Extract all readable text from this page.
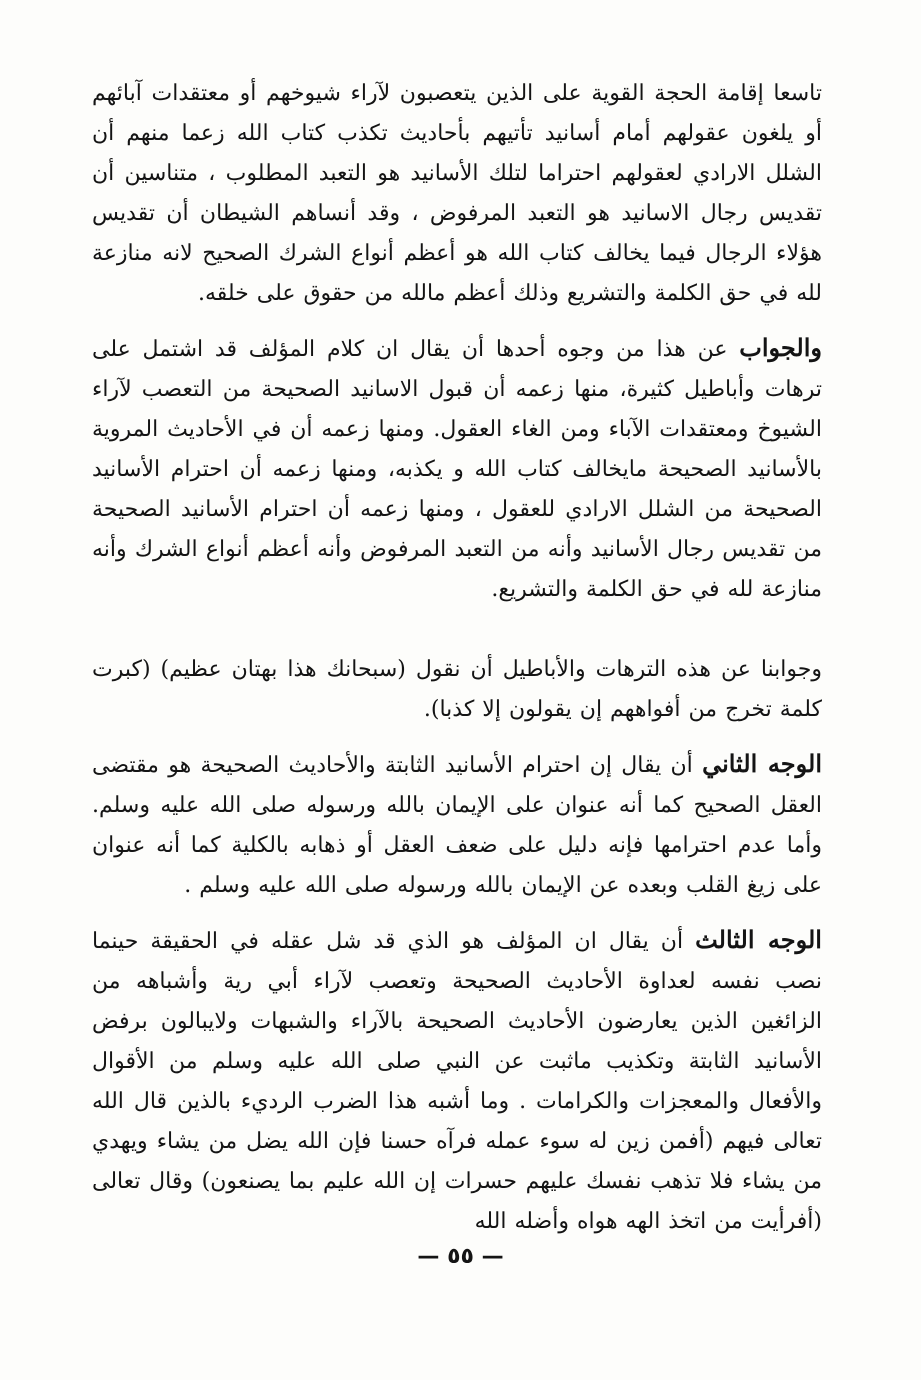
تاسعا إقامة الحجة القوية على الذين يتعصبون لآراء شيوخهم أو معتقدات آبائهم أو يلغون عقولهم أمام أسانيد تأتيهم بأحاديث تكذب كتاب الله زعما منهم أن الشلل الارادي لعقولهم احتراما لتلك الأسانيد هو التعبد المطلوب ، متناسين أن تقديس رجال الاسانيد هو التعبد المرفوض ، وقد أنساهم الشيطان أن تقديس هؤلاء الرجال فيما يخالف كتاب الله هو أعظم أنواع الشرك الصحيح لانه منازعة لله في حق الكلمة والتشريع وذلك أعظم مالله من حقوق على خلقه.

والجواب عن هذا من وجوه أحدها أن يقال ان كلام المؤلف قد اشتمل على ترهات وأباطيل كثيرة، منها زعمه أن قبول الاسانيد الصحيحة من التعصب لآراء الشيوخ ومعتقدات الآباء ومن الغاء العقول. ومنها زعمه أن في الأحاديث المروية بالأسانيد الصحيحة مايخالف كتاب الله و يكذبه، ومنها زعمه أن احترام الأسانيد الصحيحة من الشلل الارادي للعقول ، ومنها زعمه أن احترام الأسانيد الصحيحة من تقديس رجال الأسانيد وأنه من التعبد المرفوض وأنه أعظم أنواع الشرك وأنه منازعة لله في حق الكلمة والتشريع.

وجوابنا عن هذه الترهات والأباطيل أن نقول (سبحانك هذا بهتان عظيم) (كبرت كلمة تخرج من أفواههم إن يقولون إلا كذبا).

الوجه الثاني أن يقال إن احترام الأسانيد الثابتة والأحاديث الصحيحة هو مقتضى العقل الصحيح كما أنه عنوان على الإيمان بالله ورسوله صلى الله عليه وسلم. وأما عدم احترامها فإنه دليل على ضعف العقل أو ذهابه بالكلية كما أنه عنوان على زيغ القلب وبعده عن الإيمان بالله ورسوله صلى الله عليه وسلم .

الوجه الثالث أن يقال ان المؤلف هو الذي قد شل عقله في الحقيقة حينما نصب نفسه لعداوة الأحاديث الصحيحة وتعصب لآراء أبي رية وأشباهه من الزائغين الذين يعارضون الأحاديث الصحيحة بالآراء والشبهات ولايبالون برفض الأسانيد الثابتة وتكذيب ماثبت عن النبي صلى الله عليه وسلم من الأقوال والأفعال والمعجزات والكرامات . وما أشبه هذا الضرب الرديء بالذين قال الله تعالى فيهم (أفمن زين له سوء عمله فرآه حسنا فإن الله يضل من يشاء ويهدي من يشاء فلا تذهب نفسك عليهم حسرات إن الله عليم بما يصنعون) وقال تعالى (أفرأيت من اتخذ الهه هواه وأضله الله

— ٥٥ —
